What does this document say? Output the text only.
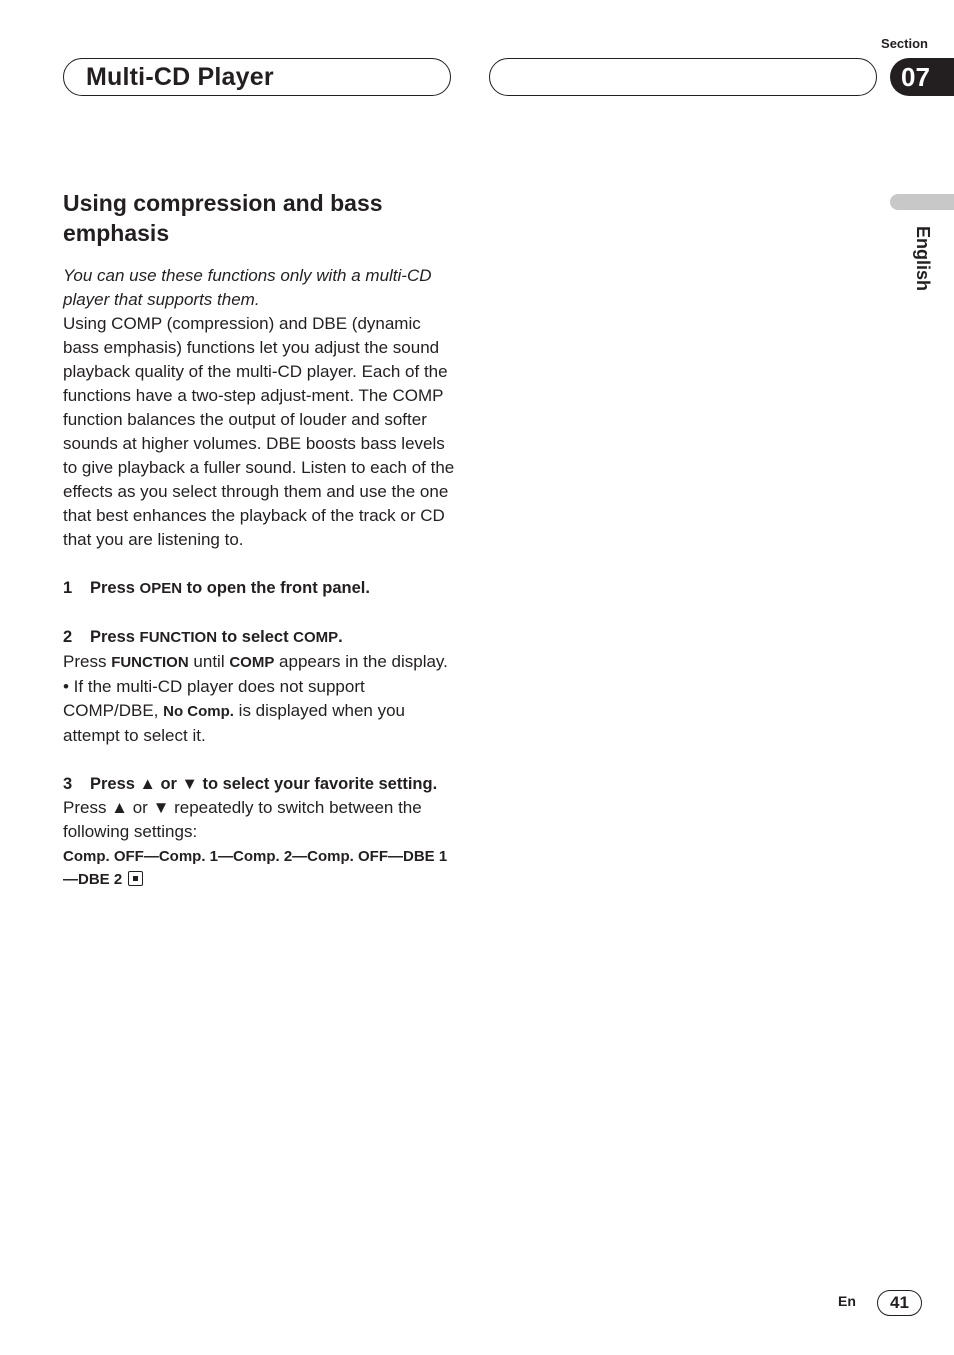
Multi-CD Player
Section
07
English
Using compression and bass emphasis

You can use these functions only with a multi-CD player that supports them.

Using COMP (compression) and DBE (dynamic bass emphasis) functions let you adjust the sound playback quality of the multi-CD player. Each of the functions have a two-step adjust-ment. The COMP function balances the output of louder and softer sounds at higher volumes. DBE boosts bass levels to give playback a fuller sound. Listen to each of the effects as you select through them and use the one that best enhances the playback of the track or CD that you are listening to.

1 Press OPEN to open the front panel.

2 Press FUNCTION to select COMP.

Press FUNCTION until COMP appears in the display.

• If the multi-CD player does not support COMP/DBE, No Comp. is displayed when you attempt to select it.

3 Press ▲ or ▼ to select your favorite setting.

Press ▲ or ▼ repeatedly to switch between the following settings:

Comp. OFF—Comp. 1—Comp. 2—Comp. OFF—DBE 1—DBE 2

En	41
